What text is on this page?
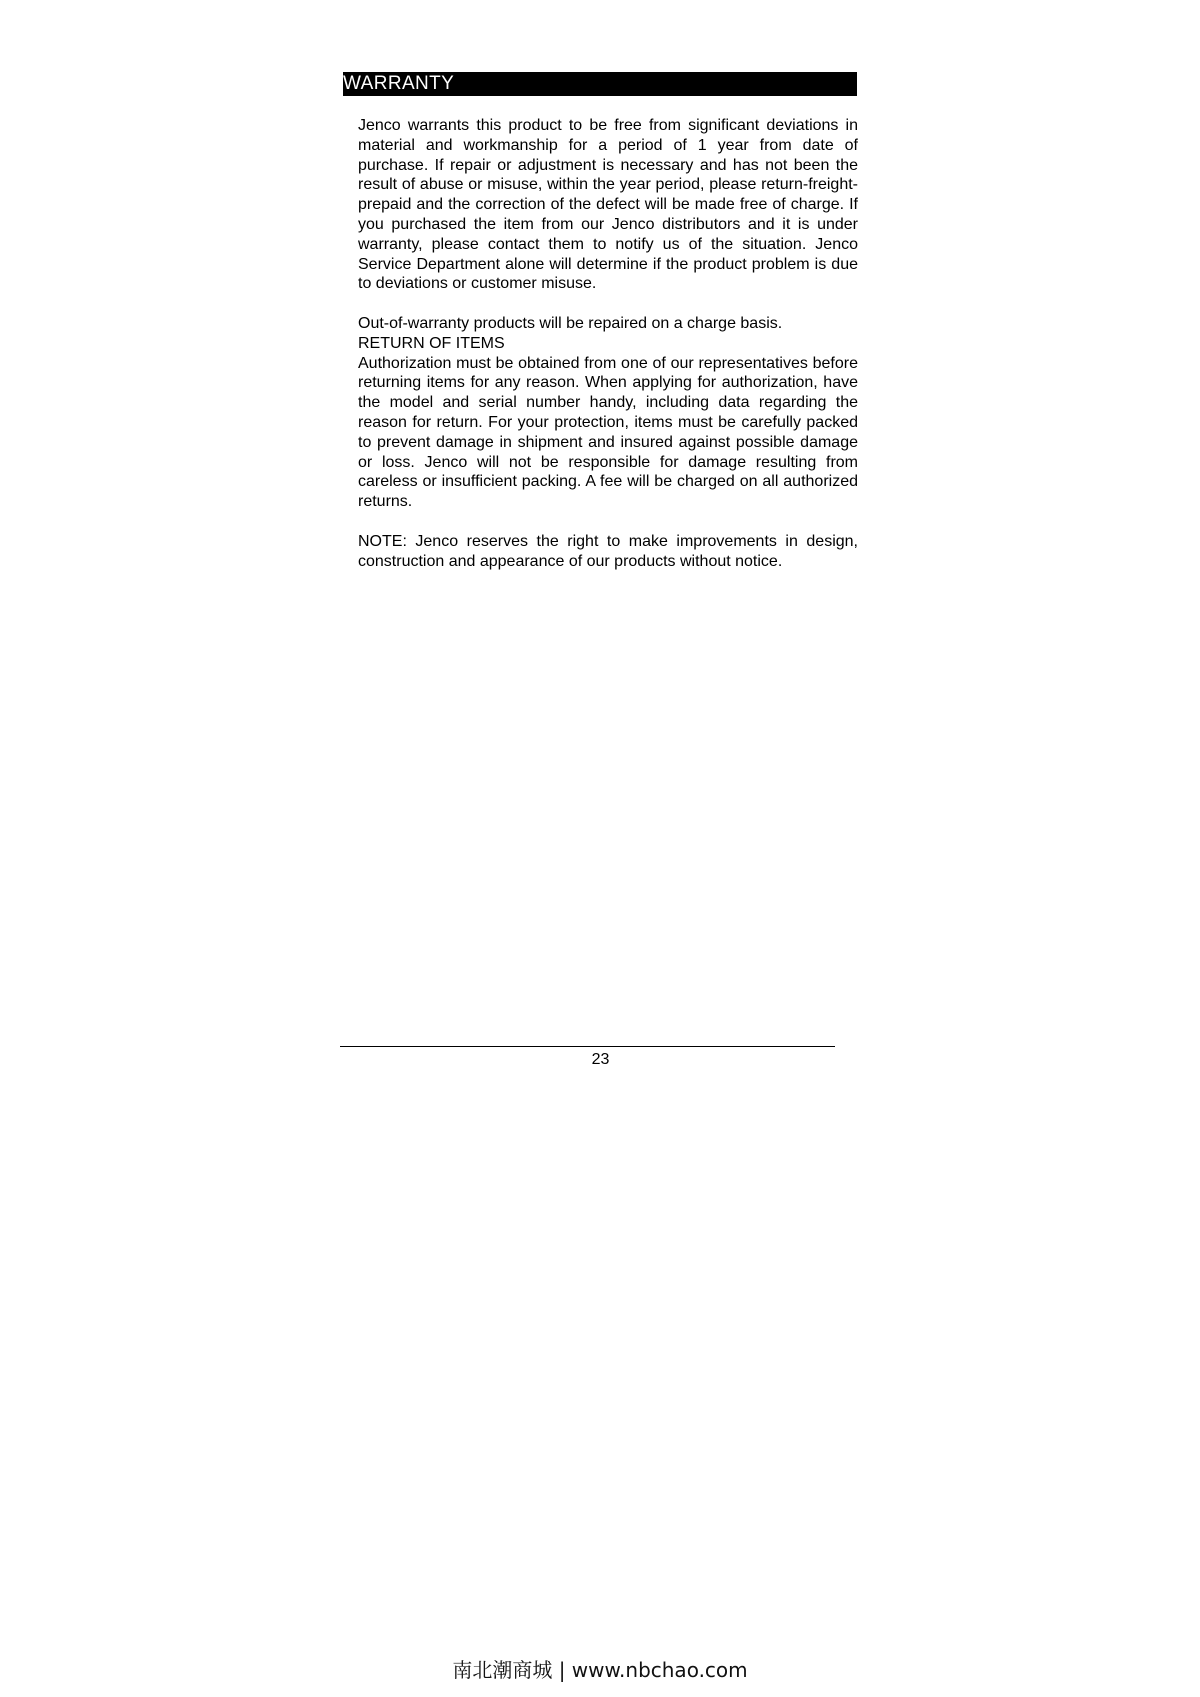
WARRANTY

Jenco warrants this product to be free from significant deviations in material and workmanship for a period of 1 year from date of purchase. If repair or adjustment is necessary and has not been the result of abuse or misuse, within the year period, please return-freight-prepaid and the correction of the defect will be made free of charge. If you purchased the item from our Jenco distributors and it is under warranty, please contact them to notify us of the situation. Jenco Service Department alone will determine if the product problem is due to deviations or customer misuse.

Out-of-warranty products will be repaired on a charge basis.

RETURN OF ITEMS

Authorization must be obtained from one of our representatives before returning items for any reason. When applying for authorization, have the model and serial number handy, including data regarding the reason for return. For your protection, items must be carefully packed to prevent damage in shipment and insured against possible damage or loss. Jenco will not be responsible for damage resulting from careless or insufficient packing. A fee will be charged on all authorized returns.

NOTE: Jenco reserves the right to make improvements in design, construction and appearance of our products without notice.

23
南北潮商城 | www.nbchao.com
